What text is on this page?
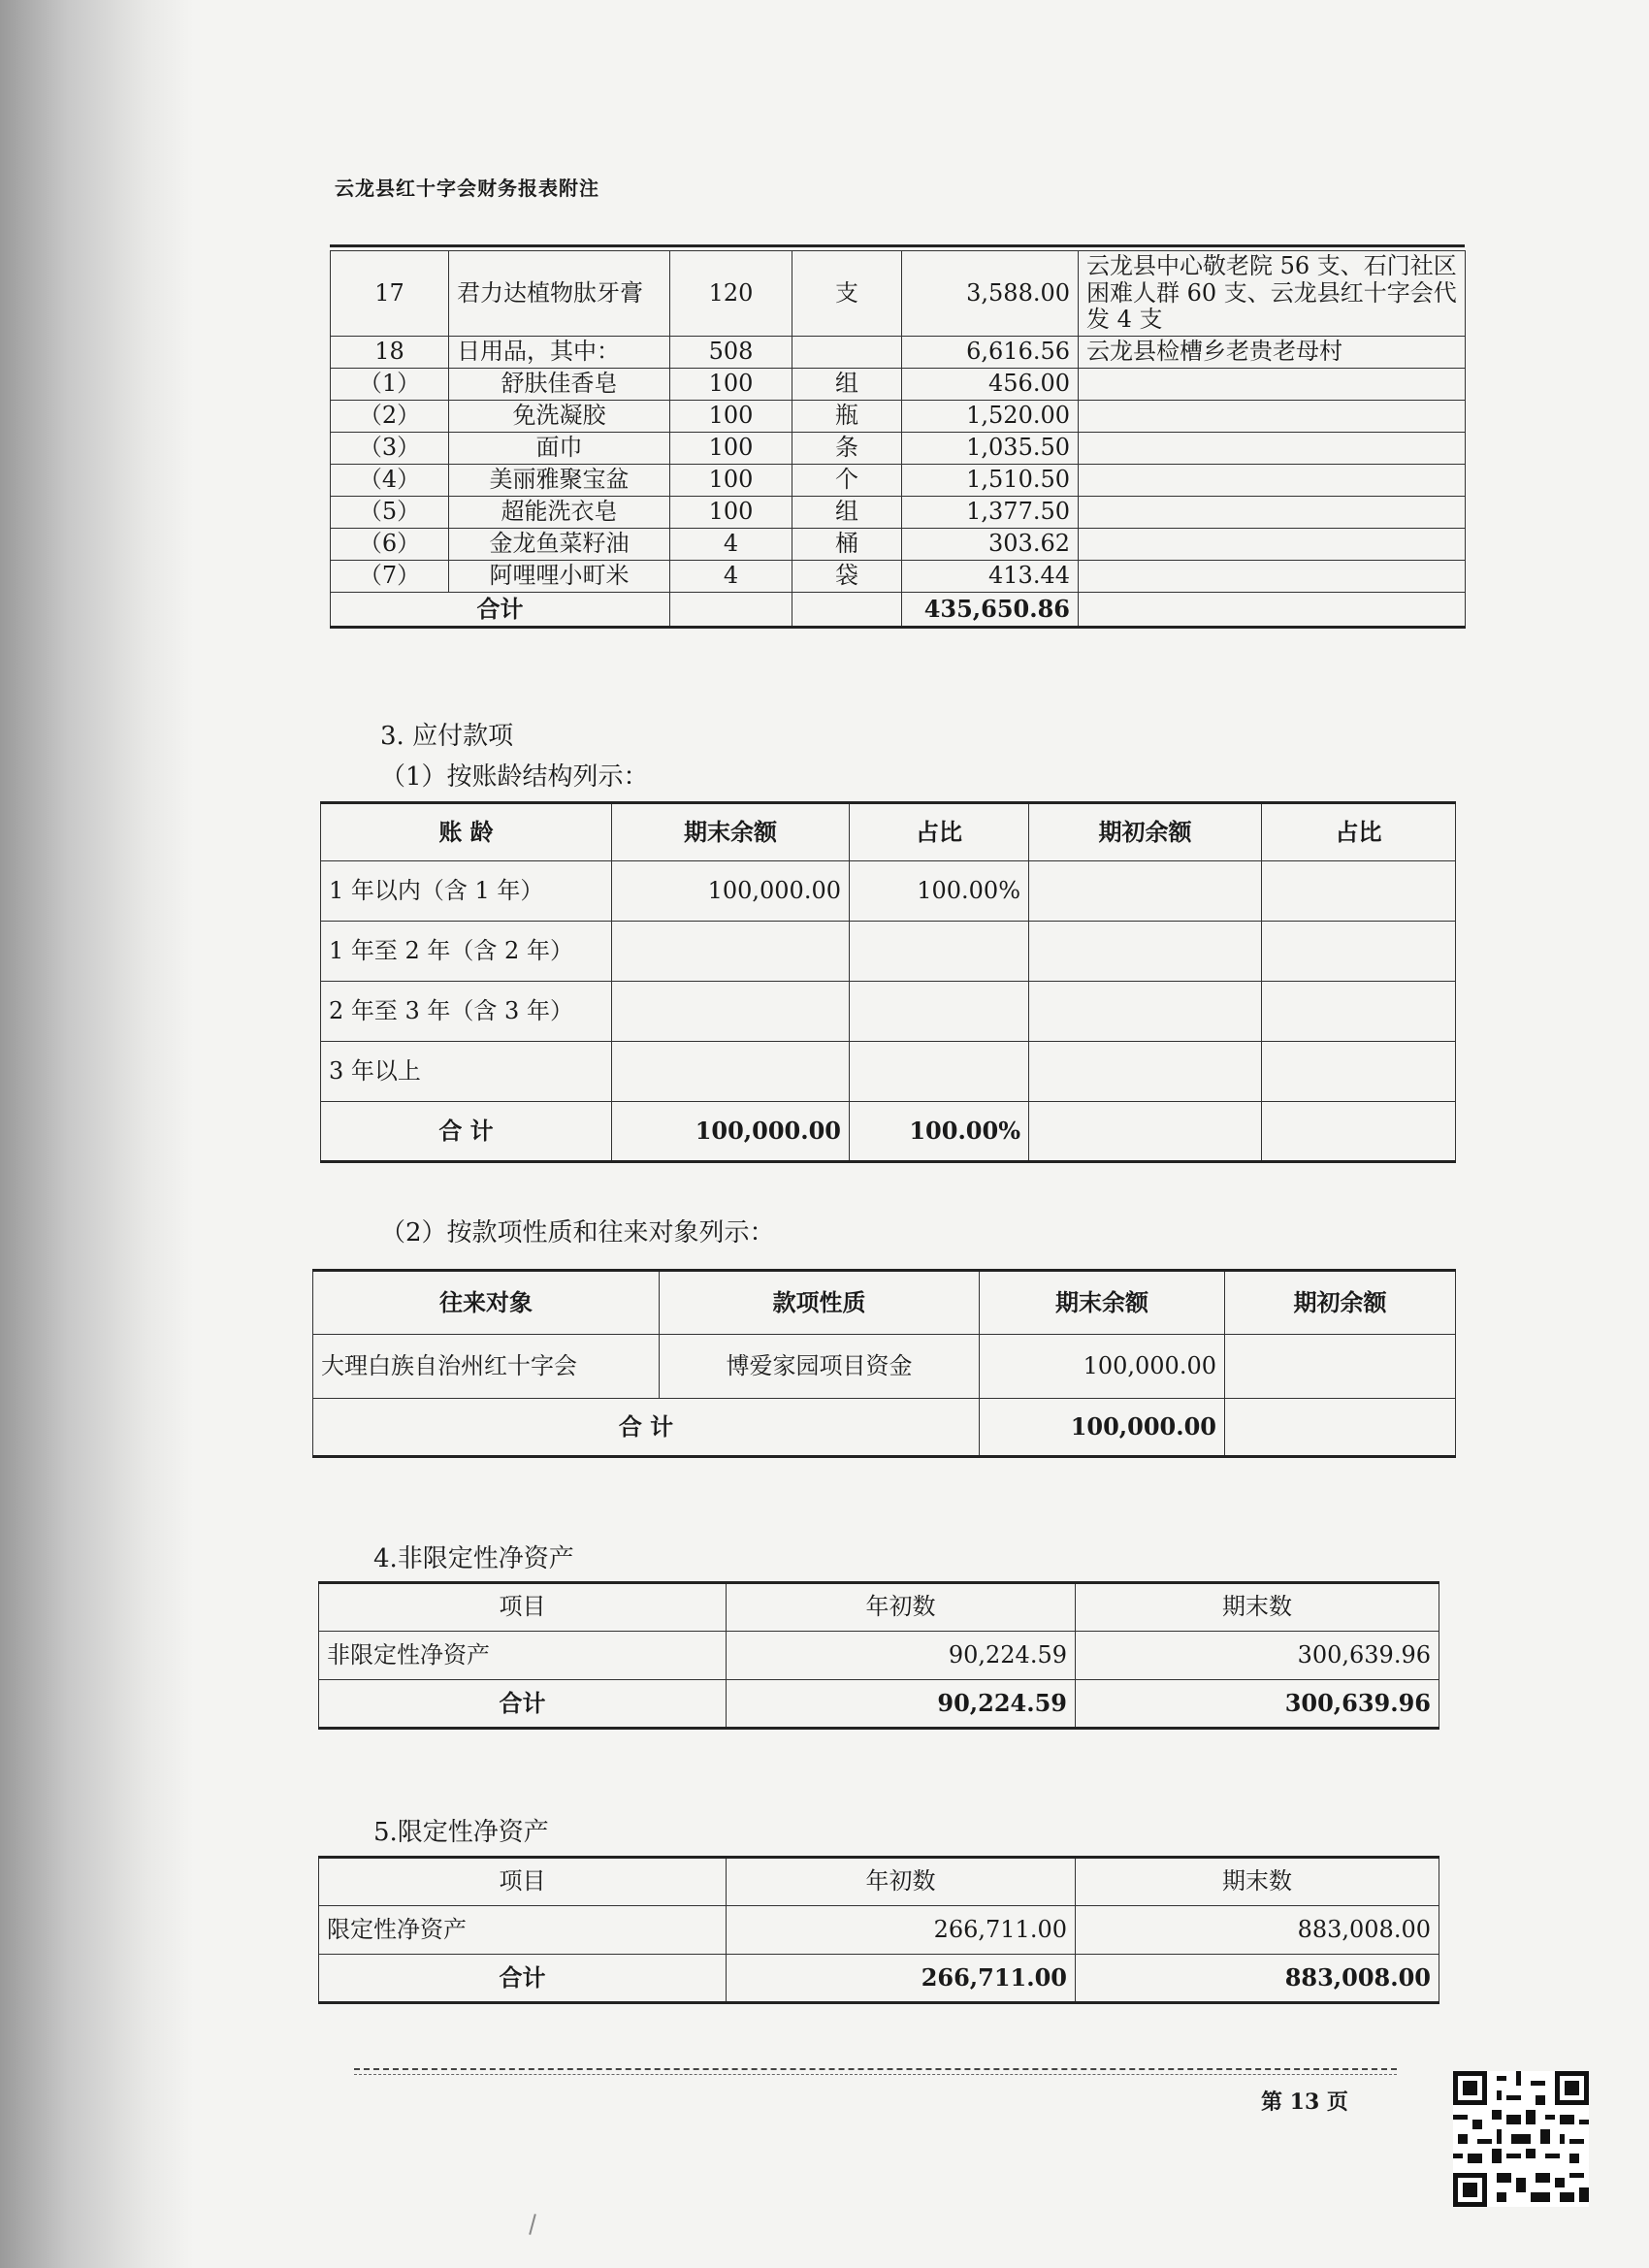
云龙县红十字会财务报表附注
17	君力达植物肽牙膏	120	支	3,588.00	云龙县中心敬老院 56 支、石门社区困难人群 60 支、云龙县红十字会代发 4 支
18	日用品，其中：	508		6,616.56	云龙县检槽乡老贵老母村
（1）	舒肤佳香皂	100	组	456.00	
（2）	免洗凝胶	100	瓶	1,520.00	
（3）	面巾	100	条	1,035.50	
（4）	美丽雅聚宝盆	100	个	1,510.50	
（5）	超能洗衣皂	100	组	1,377.50	
（6）	金龙鱼菜籽油	4	桶	303.62	
（7）	阿哩哩小町米	4	袋	413.44	
合计				435,650.86	
3. 应付款项
（1）按账龄结构列示：
账 龄	期末余额	占比	期初余额	占比
1 年以内（含 1 年）	100,000.00	100.00%		
1 年至 2 年（含 2 年）				
2 年至 3 年（含 3 年）				
3 年以上				
合 计	100,000.00	100.00%		
（2）按款项性质和往来对象列示：
往来对象	款项性质	期末余额	期初余额
大理白族自治州红十字会	博爱家园项目资金	100,000.00	
合 计		100,000.00	
4.非限定性净资产
项目	年初数	期末数
非限定性净资产	90,224.59	300,639.96
合计	90,224.59	300,639.96
5.限定性净资产
项目	年初数	期末数
限定性净资产	266,711.00	883,008.00
合计	266,711.00	883,008.00
第 13 页
